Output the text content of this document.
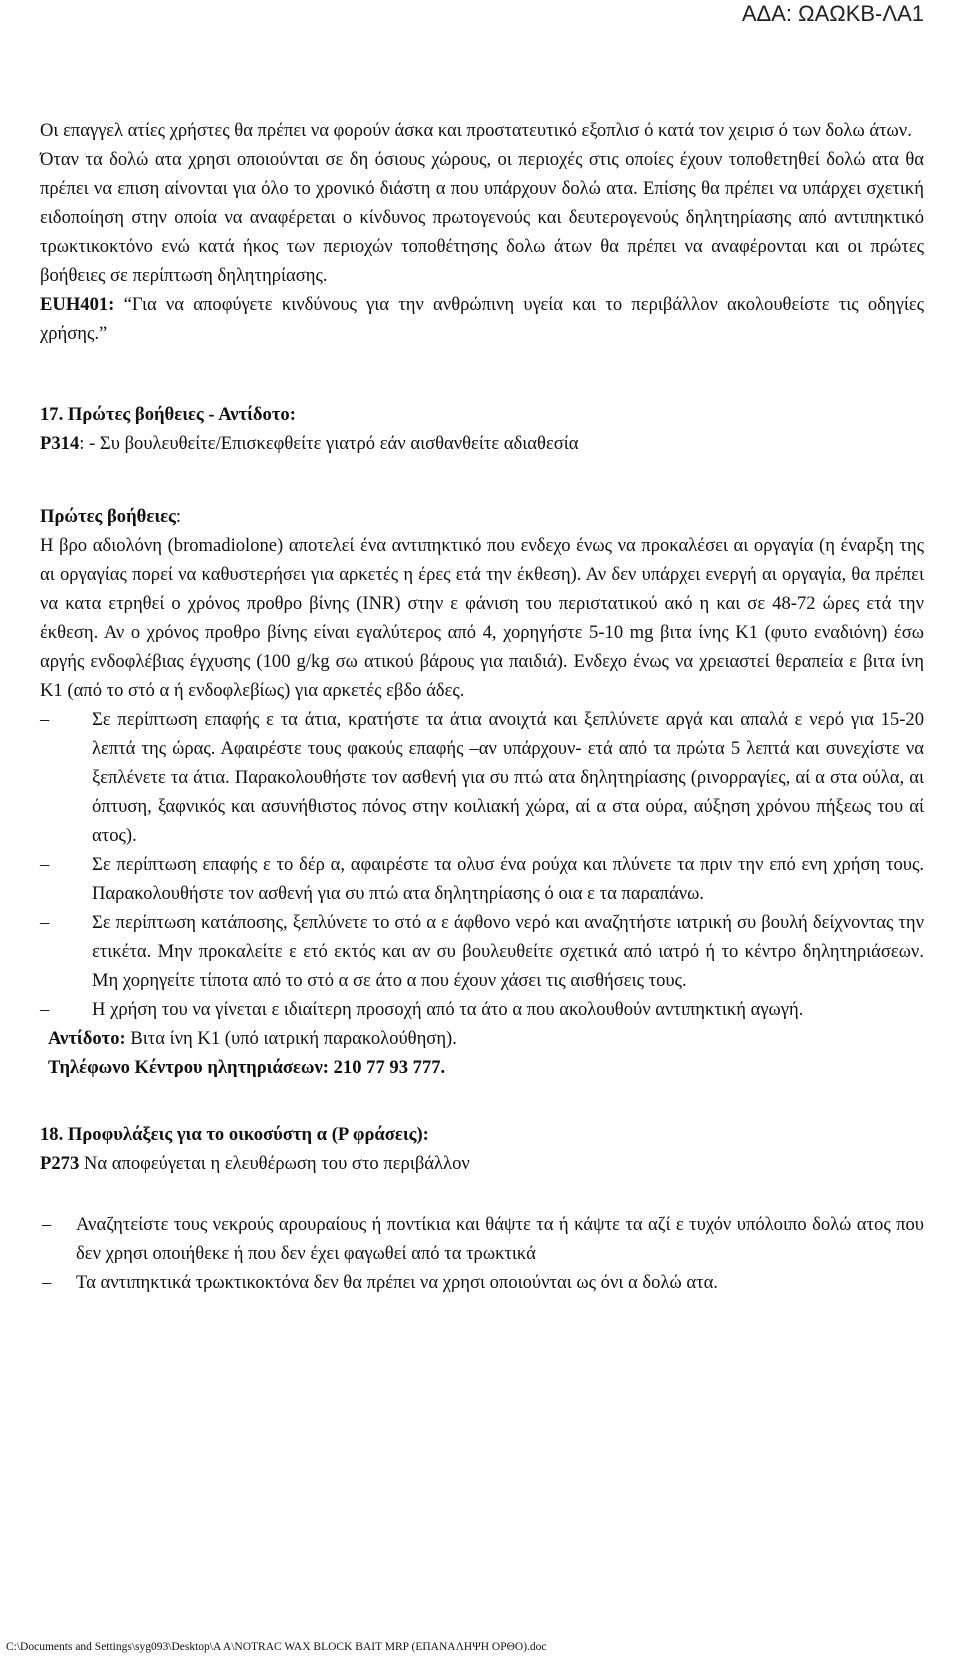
ΑΔΑ: ΩΑΩΚΒ-ΛΑ1

Οι επαγγελ ατίες χρήστες θα πρέπει να φορούν άσκα και προστατευτικό εξοπλισ ό κατά τον χειρισ ό των δολω άτων.

Όταν τα δολώ ατα χρησι οποιούνται σε δη όσιους χώρους, οι περιοχές στις οποίες έχουν τοποθετηθεί δολώ ατα θα πρέπει να επιση αίνονται για όλο το χρονικό διάστη α που υπάρχουν δολώ ατα. Επίσης θα πρέπει να υπάρχει σχετική ειδοποίηση στην οποία να αναφέρεται ο κίνδυνος πρωτογενούς και δευτερογενούς δηλητηρίασης από αντιπηκτικό τρωκτικοκτόνο ενώ κατά ήκος των περιοχών τοποθέτησης δολω άτων θα πρέπει να αναφέρονται και οι πρώτες βοήθειες σε περίπτωση δηλητηρίασης.

EUH401: “Για να αποφύγετε κινδύνους για την ανθρώπινη υγεία και το περιβάλλον ακολουθείστε τις οδηγίες χρήσης.”

17. Πρώτες βοήθειες - Αντίδοτο:

P314: - Συ βουλευθείτε/Επισκεφθείτε γιατρό εάν αισθανθείτε αδιαθεσία

Πρώτες βοήθειες:

Η βρο αδιολόνη (bromadiolone) αποτελεί ένα αντιπηκτικό που ενδεχο ένως να προκαλέσει αι οργαγία (η έναρξη της αι οργαγίας πορεί να καθυστερήσει για αρκετές η έρες ετά την έκθεση). Αν δεν υπάρχει ενεργή αι οργαγία, θα πρέπει να κατα ετρηθεί ο χρόνος προθρο βίνης (INR) στην ε φάνιση του περιστατικού ακό η και σε 48-72 ώρες ετά την έκθεση. Αν ο χρόνος προθρο βίνης είναι εγαλύτερος από 4, χορηγήστε 5-10 mg βιτα ίνης K1 (φυτο εναδιόνη) έσω αργής ενδοφλέβιας έγχυσης (100 g/kg σω ατικού βάρους για παιδιά). Ενδεχο ένως να χρειαστεί θεραπεία ε βιτα ίνη K1 (από το στό α ή ενδοφλεβίως) για αρκετές εβδο άδες.

– Σε περίπτωση επαφής ε τα άτια, κρατήστε τα άτια ανοιχτά και ξεπλύνετε αργά και απαλά ε νερό για 15-20 λεπτά της ώρας. Αφαιρέστε τους φακούς επαφής –αν υπάρχουν- ετά από τα πρώτα 5 λεπτά και συνεχίστε να ξεπλένετε τα άτια. Παρακολουθήστε τον ασθενή για συ πτώ ατα δηλητηρίασης (ρινορραγίες, αί α στα ούλα, αι όπτυση, ξαφνικός και ασυνήθιστος πόνος στην κοιλιακή χώρα, αί α στα ούρα, αύξηση χρόνου πήξεως του αί ατος).
– Σε περίπτωση επαφής ε το δέρ α, αφαιρέστε τα ολυσ ένα ρούχα και πλύνετε τα πριν την επό ενη χρήση τους. Παρακολουθήστε τον ασθενή για συ πτώ ατα δηλητηρίασης ό οια ε τα παραπάνω.
– Σε περίπτωση κατάποσης, ξεπλύνετε το στό α ε άφθονο νερό και αναζητήστε ιατρική συ βουλή δείχνοντας την ετικέτα. Μην προκαλείτε ε ετό εκτός και αν συ βουλευθείτε σχετικά από ιατρό ή το κέντρο δηλητηριάσεων. Μη χορηγείτε τίποτα από το στό α σε άτο α που έχουν χάσει τις αισθήσεις τους.
– Η χρήση του να γίνεται ε ιδιαίτερη προσοχή από τα άτο α που ακολουθούν αντιπηκτική αγωγή.

Αντίδοτο: Βιτα ίνη Κ1 (υπό ιατρική παρακολούθηση).

Τηλέφωνο Κέντρου ηλητηριάσεων: 210 77 93 777.

18. Προφυλάξεις για το οικοσύστη α (P φράσεις):

P273 Να αποφεύγεται η ελευθέρωση του στο περιβάλλον

– Αναζητείστε τους νεκρούς αρουραίους ή ποντίκια και θάψτε τα ή κάψτε τα αζί ε τυχόν υπόλοιπο δολώ ατος που δεν χρησι οποιήθεκε ή που δεν έχει φαγωθεί από τα τρωκτικά
– Τα αντιπηκτικά τρωκτικοκτόνα δεν θα πρέπει να χρησι οποιούνται ως όνι α δολώ ατα.
C:\Documents and Settings\syg093\Desktop\Α Α\NOTRAC WAX BLOCK BAIT MRP (ΕΠΑΝΑΛΗΨΗ ΟΡΘΟ).doc
